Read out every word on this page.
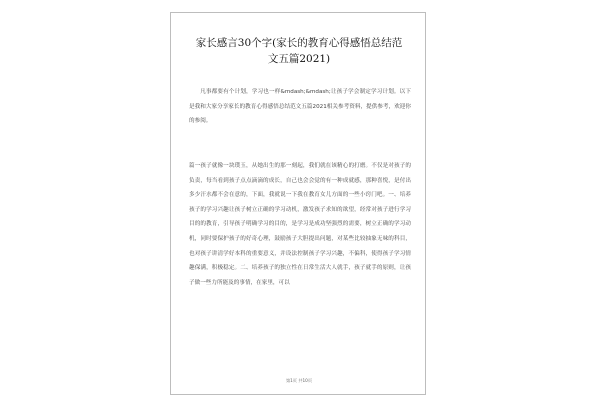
家长感言30个字(家长的教育心得感悟总结范
文五篇2021)

凡事都要有个计划，学习也一样&mdash;&mdash;让孩子学会制定学习计划。以下是我和大家分享家长的教育心得感悟总结范文五篇2021相关参考资料，提供参考，欢迎你的参阅。

篇一孩子就像一块璞玉，从她出生的那一刻起，我们就在该精心的打磨。不仅是对孩子的负责，每当看到孩子点点滴滴的成长，自己也会会觉的有一种成就感，那种喜悦，是付出多少汗水都不会在意的，下面，我就说一下我在教育女儿方面的一些小窍门吧。一、培养孩子的学习兴趣让孩子树立正确的学习动机，激发孩子求知的欲望，经常对孩子进行学习目的的教育，引导孩子明确学习的目的，是学习是成功坚强烈的需要，树立正确的学习动机，同时要保护孩子的好奇心理，鼓励孩子大胆提出问题，对某些比较抽象无味的科目，也对孩子讲清学好本科的重要意义，并设法控制孩子学习兴趣，不偏科，使得孩子学习情趣保满，积极稳定。二、培养孩子的独立性在日常生活大人就手，孩子就手的原则，让孩子做一些力所能及的事情，在家里，可以

第1页 共10页
